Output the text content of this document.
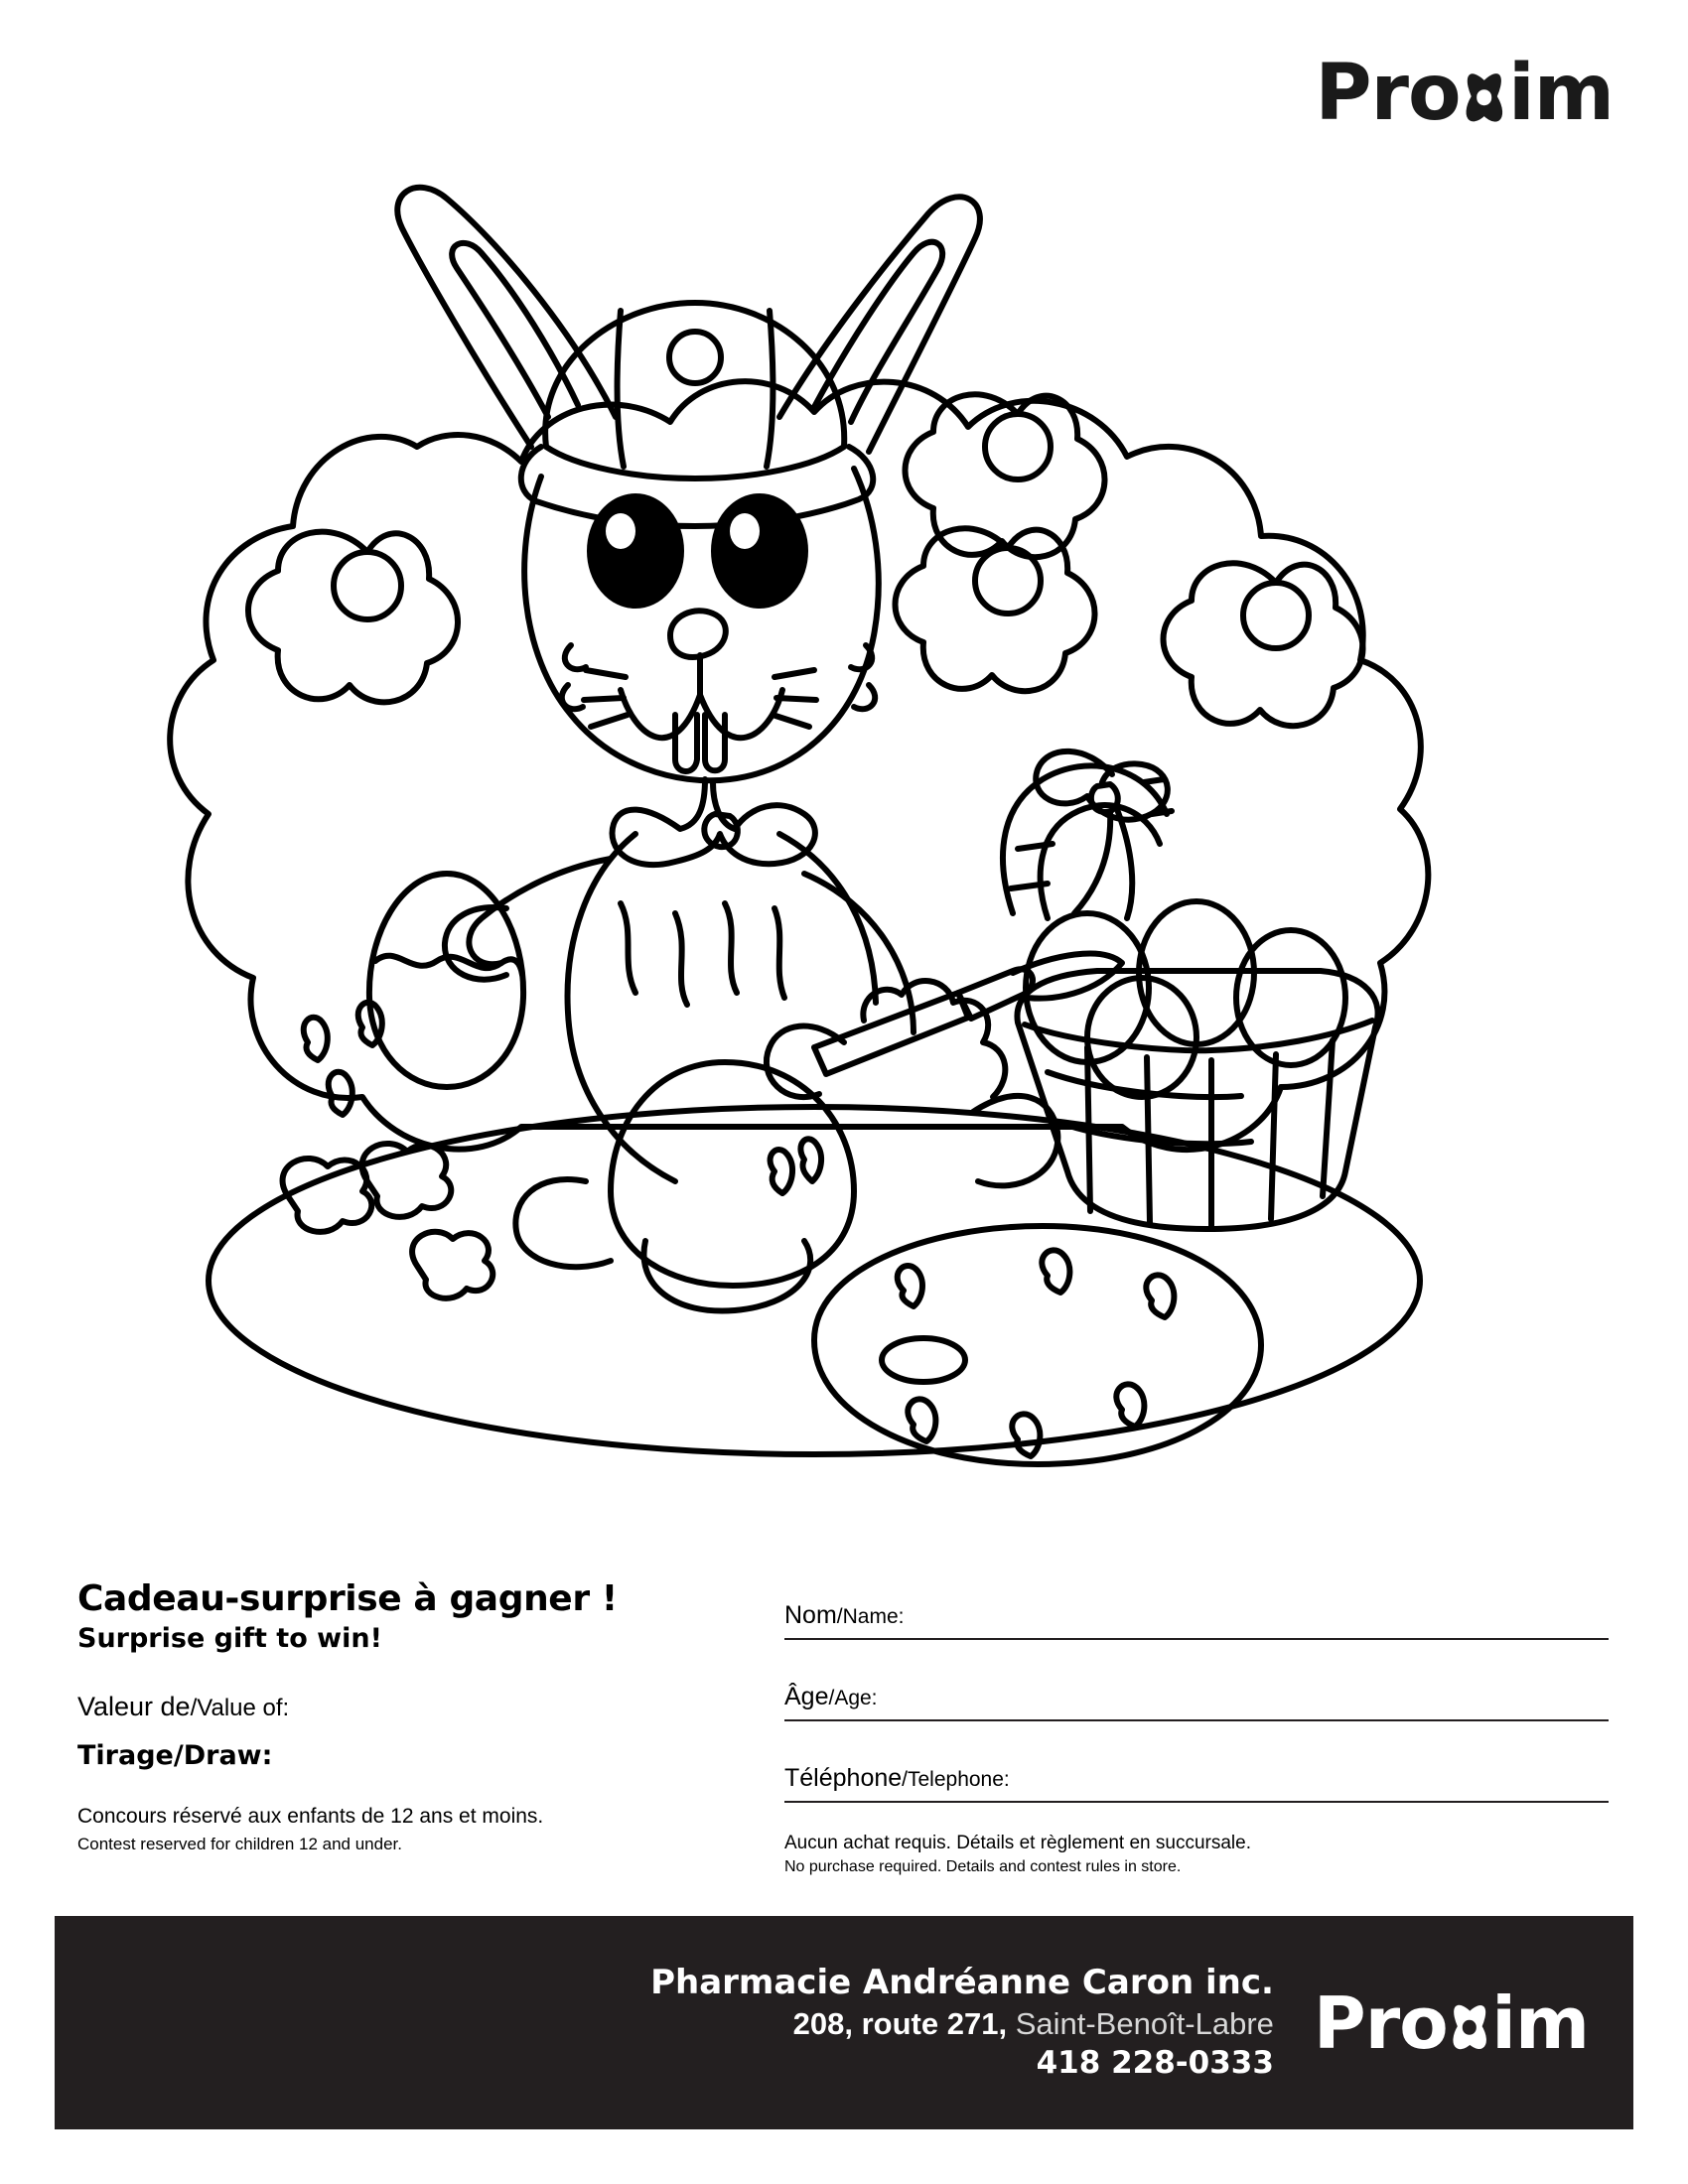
Pro im

Cadeau-surprise à gagner !

Surprise gift to win!

Valeur de/Value of:

Tirage/Draw:

Concours réservé aux enfants de 12 ans et moins.

Contest reserved for children 12 and under.

Nom/Name:
Âge/Age:
Téléphone/Telephone:

Aucun achat requis. Détails et règlement en succursale.

No purchase required. Details and contest rules in store.

Pharmacie Andréanne Caron inc.

208, route 271, Saint-Benoît-Labre

418 228-0333 Pro im
